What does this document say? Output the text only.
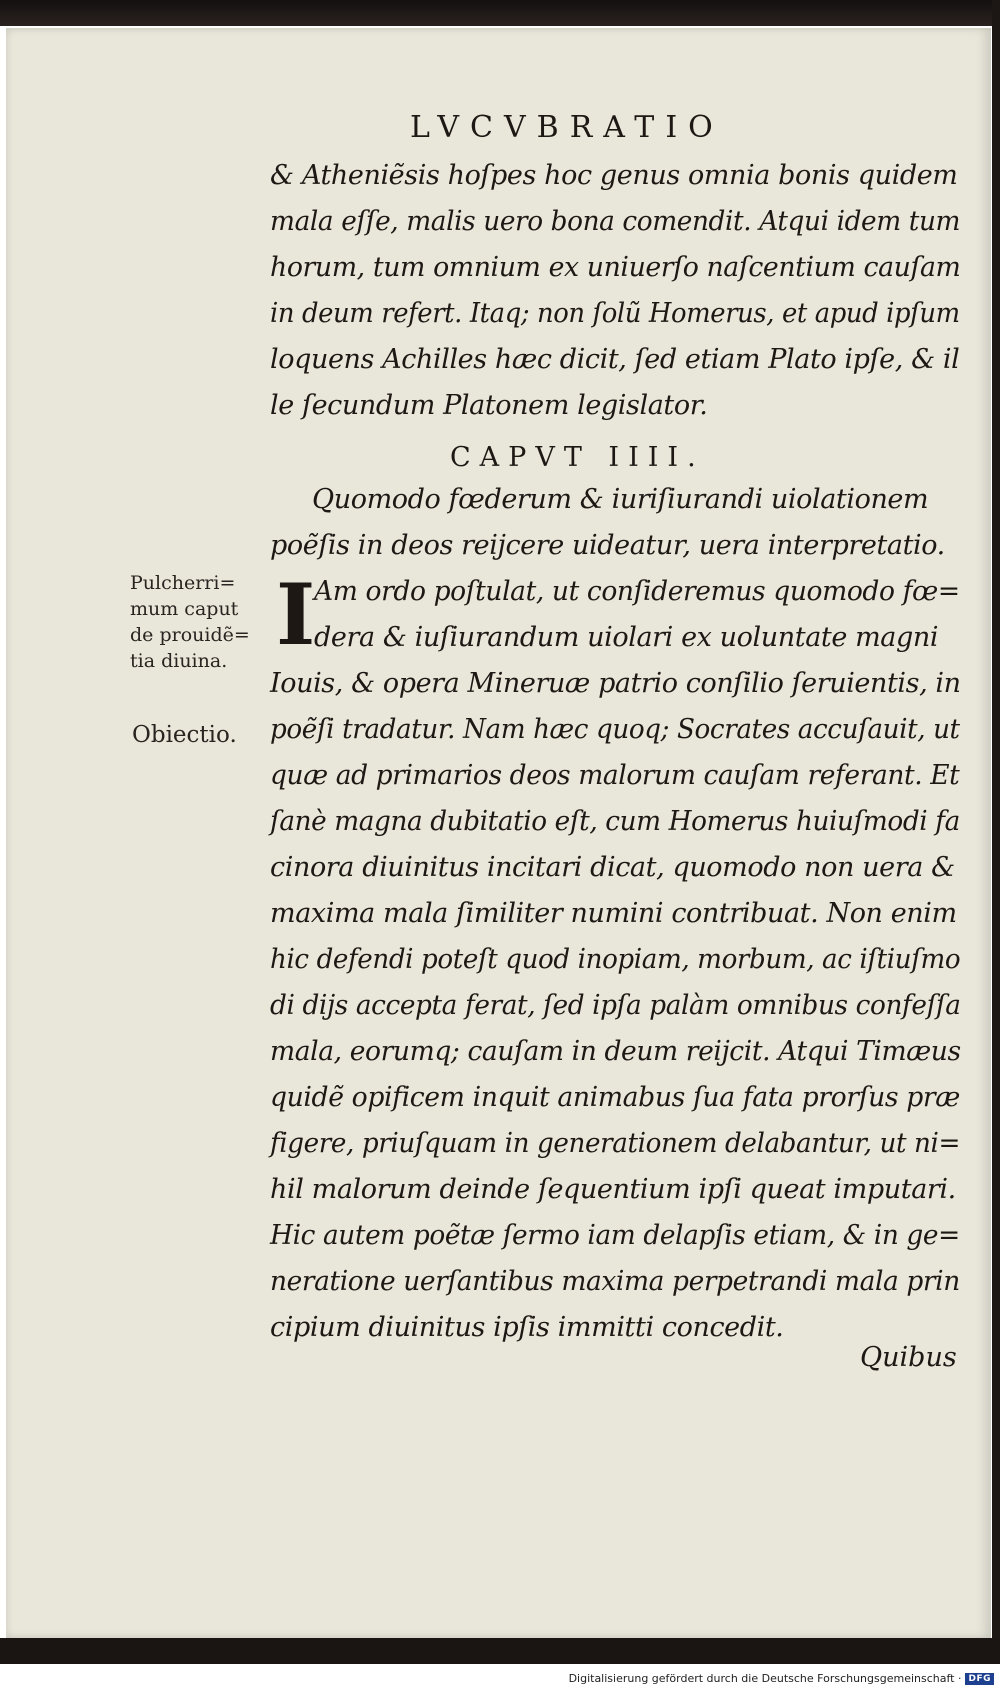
LVCVBRATIO
& Atheniẽsis hoſpes hoc genus omnia bonis quidem
mala eſſe, malis uero bona comendit. Atqui idem tum
horum, tum omnium ex uniuerſo naſcentium cauſam
in deum refert. Itaq; non ſolũ Homerus, et apud ipſum
loquens Achilles hæc dicit, ſed etiam Plato ipſe, & il
le ſecundum Platonem legislator.
CAPVT IIII.
Quomodo fœderum & iuriſiurandi uiolationem
poẽſis in deos reijcere uideatur, uera interpretatio.
I
Pulcherri=
mum caput
de prouidẽ=
tia diuina.
Am ordo poſtulat, ut conſideremus quomodo fœ=
dera & iuſiurandum uiolari ex uoluntate magni
Iouis, & opera Mineruæ patrio conſilio ſeruientis, in
Obiectio. poẽſi tradatur. Nam hæc quoq; Socrates accuſauit, ut
quæ ad primarios deos malorum cauſam referant. Et
ſanè magna dubitatio eſt, cum Homerus huiuſmodi fa
cinora diuinitus incitari dicat, quomodo non uera &
maxima mala ſimiliter numini contribuat. Non enim
hic defendi poteſt quod inopiam, morbum, ac iſtiuſmo
di dijs accepta ferat, ſed ipſa palàm omnibus confeſſa
mala, eorumq; cauſam in deum reijcit. Atqui Timæus
quidẽ opificem inquit animabus ſua fata prorſus præ
figere, priuſquam in generationem delabantur, ut ni=
hil malorum deinde ſequentium ipſi queat imputari.
Hic autem poẽtæ ſermo iam delapſis etiam, & in ge=
neratione uerſantibus maxima perpetrandi mala prin
cipium diuinitus ipſis immitti concedit.
Quibus
Digitalisierung gefördert durch die Deutsche Forschungsgemeinschaft · DFG
